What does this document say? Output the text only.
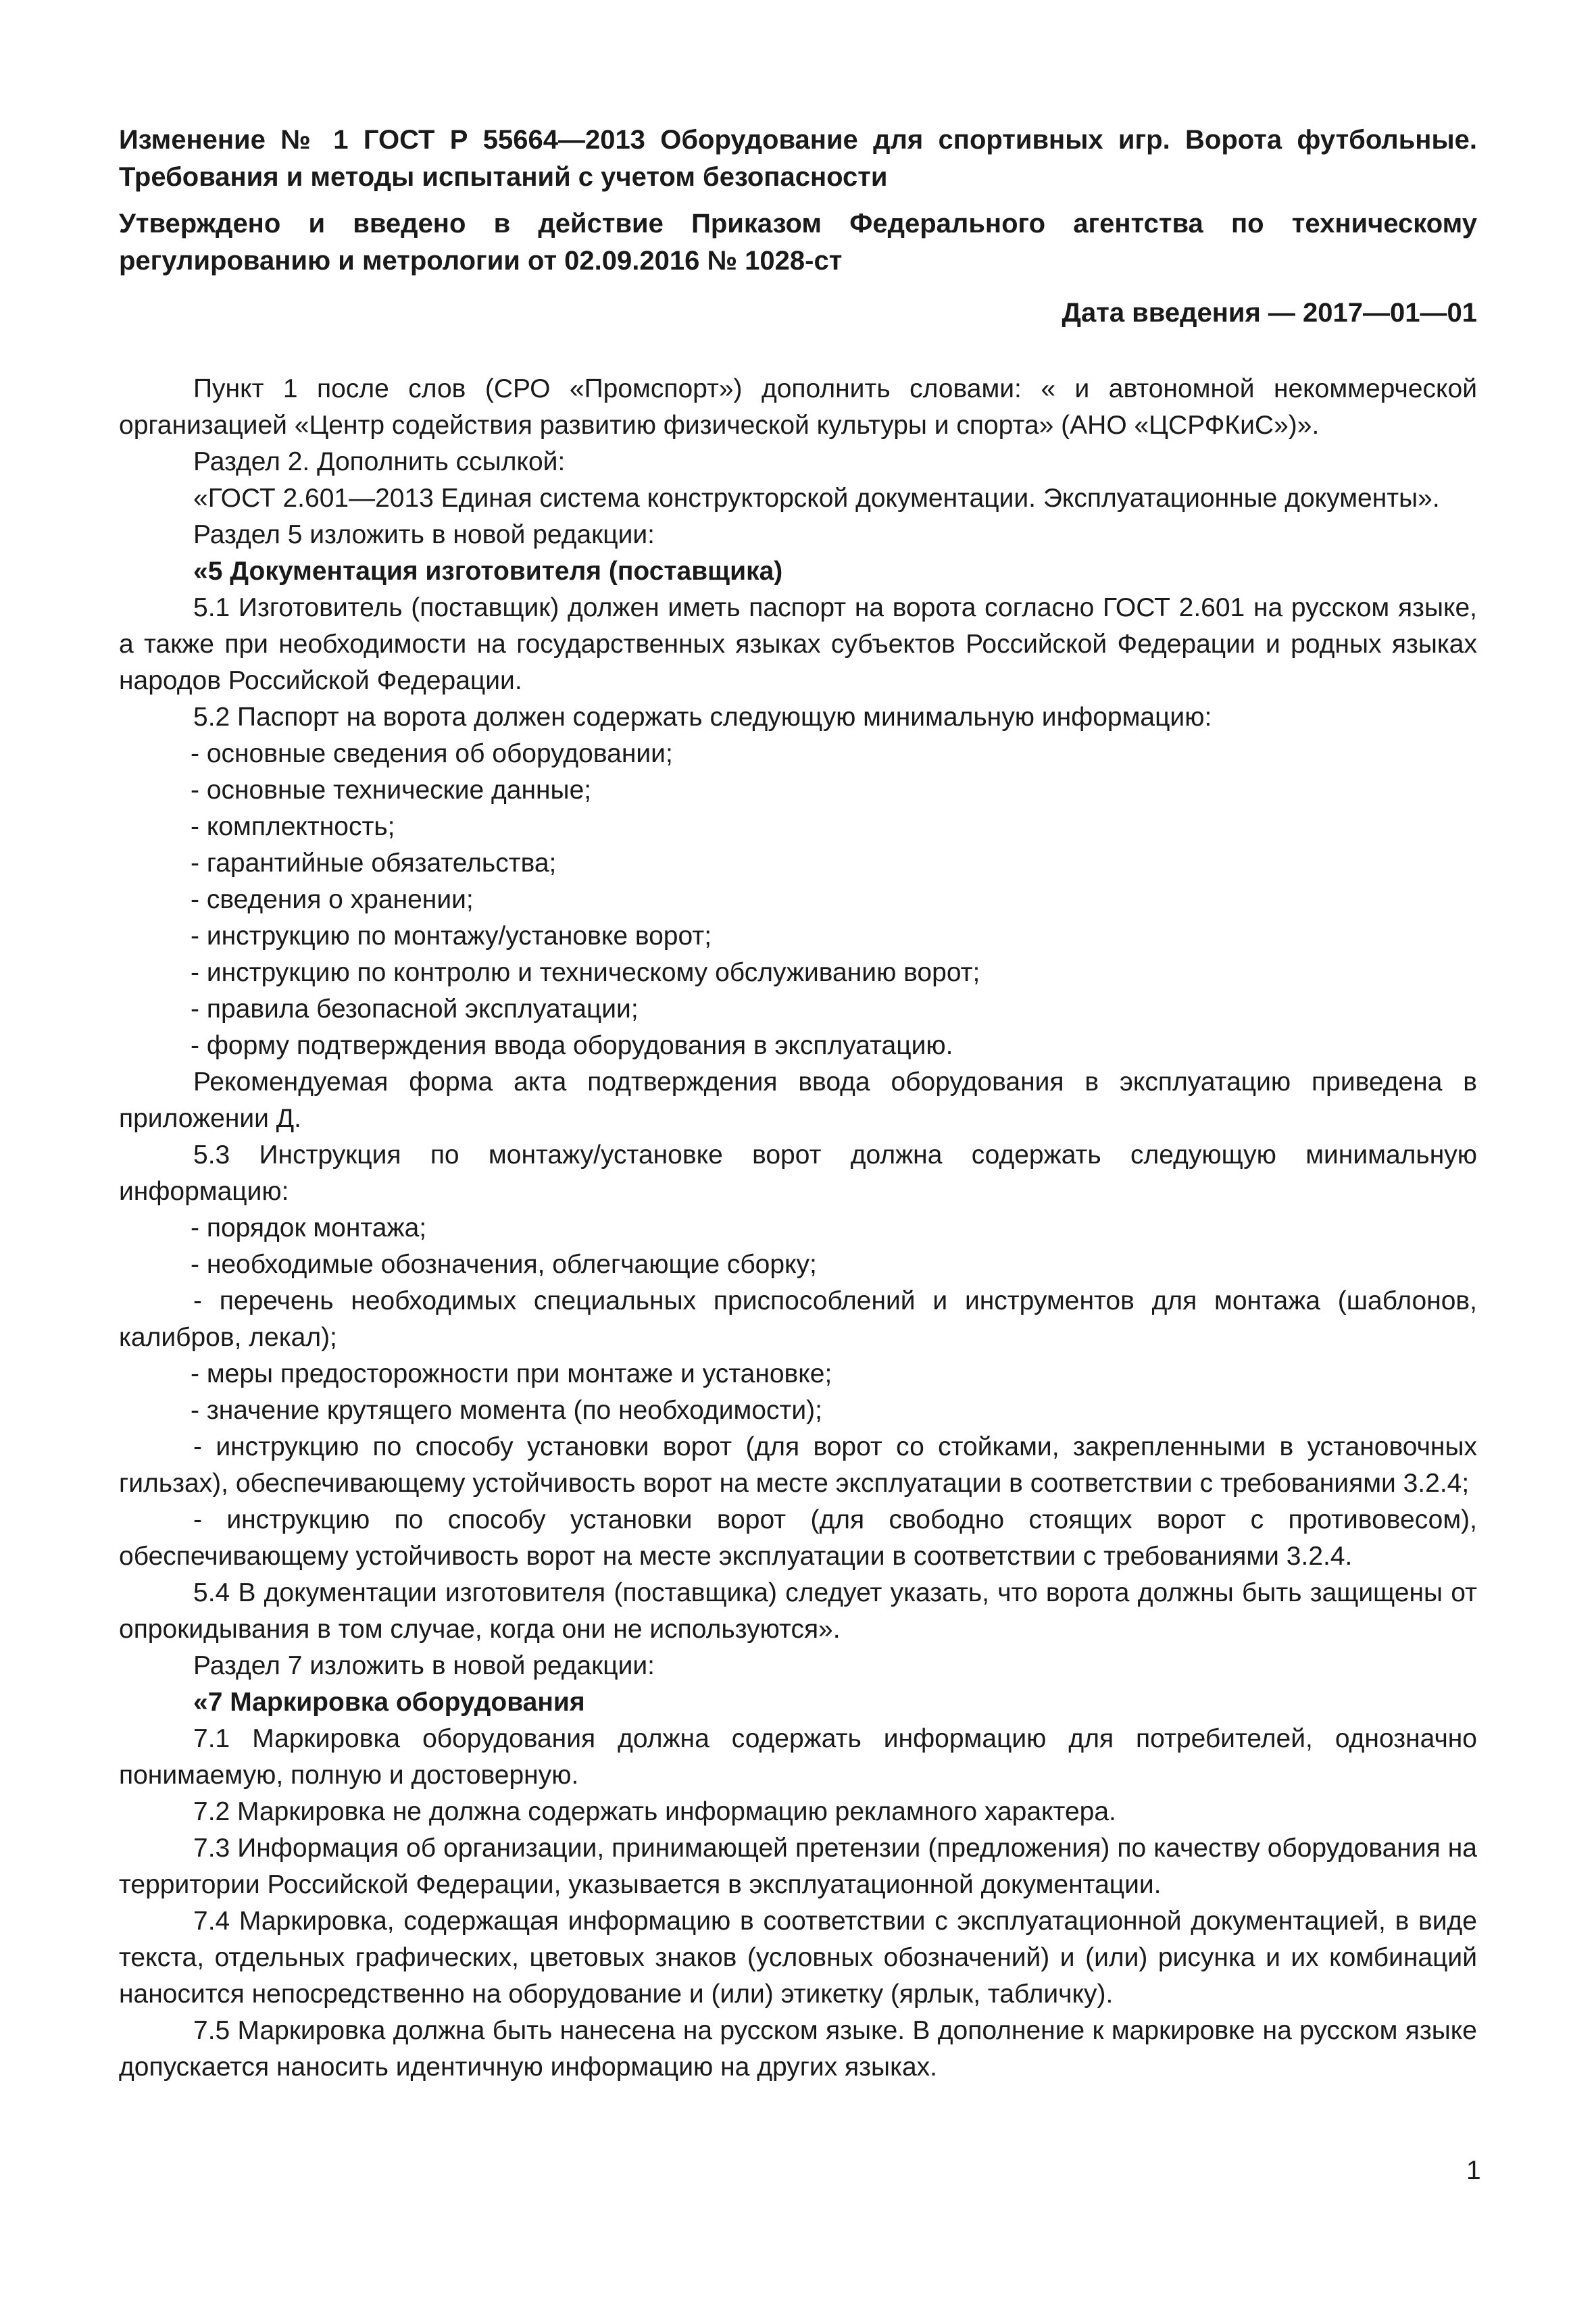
Изменение № 1 ГОСТ Р 55664—2013 Оборудование для спортивных игр. Ворота футбольные. Требования и методы испытаний с учетом безопасности

Утверждено и введено в действие Приказом Федерального агентства по техническому регулированию и метрологии от 02.09.2016 № 1028-ст

Дата введения — 2017—01—01

Пункт 1 после слов (СРО «Промспорт») дополнить словами: « и автономной некоммерческой организацией «Центр содействия развитию физической культуры и спорта» (АНО «ЦСРФКиС»)».

Раздел 2. Дополнить ссылкой:

«ГОСТ 2.601—2013 Единая система конструкторской документации. Эксплуатационные документы».

Раздел 5 изложить в новой редакции:

«5 Документация изготовителя (поставщика)

5.1 Изготовитель (поставщик) должен иметь паспорт на ворота согласно ГОСТ 2.601 на русском языке, а также при необходимости на государственных языках субъектов Российской Федерации и родных языках народов Российской Федерации.

5.2 Паспорт на ворота должен содержать следующую минимальную информацию:

- основные сведения об оборудовании;

- основные технические данные;

- комплектность;

- гарантийные обязательства;

- сведения о хранении;

- инструкцию по монтажу/установке ворот;

- инструкцию по контролю и техническому обслуживанию ворот;

- правила безопасной эксплуатации;

- форму подтверждения ввода оборудования в эксплуатацию.

Рекомендуемая форма акта подтверждения ввода оборудования в эксплуатацию приведена в приложении Д.

5.3 Инструкция по монтажу/установке ворот должна содержать следующую минимальную информацию:

- порядок монтажа;

- необходимые обозначения, облегчающие сборку;

- перечень необходимых специальных приспособлений и инструментов для монтажа (шаблонов, калибров, лекал);

- меры предосторожности при монтаже и установке;

- значение крутящего момента (по необходимости);

- инструкцию по способу установки ворот (для ворот со стойками, закрепленными в установочных гильзах), обеспечивающему устойчивость ворот на месте эксплуатации в соответствии с требованиями 3.2.4;

- инструкцию по способу установки ворот (для свободно стоящих ворот с противовесом), обеспечивающему устойчивость ворот на месте эксплуатации в соответствии с требованиями 3.2.4.

5.4 В документации изготовителя (поставщика) следует указать, что ворота должны быть защищены от опрокидывания в том случае, когда они не используются».

Раздел 7 изложить в новой редакции:

«7 Маркировка оборудования

7.1 Маркировка оборудования должна содержать информацию для потребителей, однозначно понимаемую, полную и достоверную.

7.2 Маркировка не должна содержать информацию рекламного характера.

7.3 Информация об организации, принимающей претензии (предложения) по качеству оборудования на территории Российской Федерации, указывается в эксплуатационной документации.

7.4 Маркировка, содержащая информацию в соответствии с эксплуатационной документацией, в виде текста, отдельных графических, цветовых знаков (условных обозначений) и (или) рисунка и их комбинаций наносится непосредственно на оборудование и (или) этикетку (ярлык, табличку).

7.5 Маркировка должна быть нанесена на русском языке. В дополнение к маркировке на русском языке допускается наносить идентичную информацию на других языках.

1
